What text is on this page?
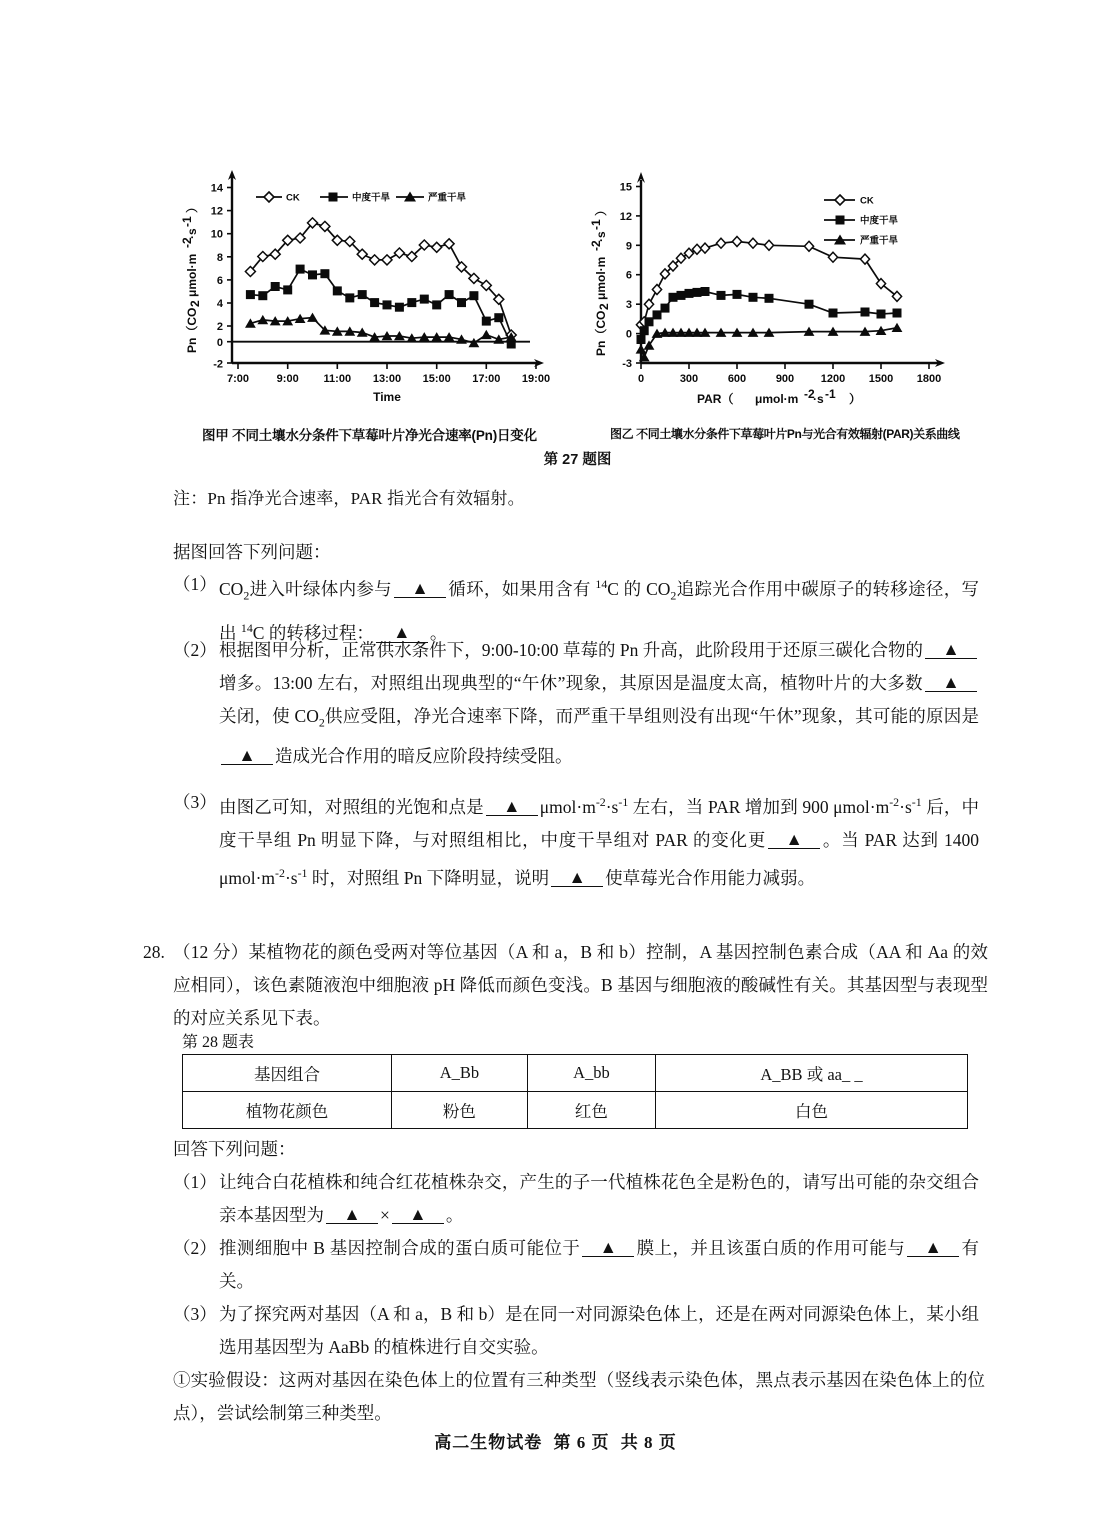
14
12
10
8
6
4
2
0
-2
7:00	9:00 11:00 13:00 15:00 17:00 19:00
Time
Pn（CO
2
μmol·m
-2
·s
-1
）
CK	中度干旱	严重干旱
15
12
9
6
3
0
-3
0	300	600	900 1200 1500 1800
PAR（ μmol·m -2
·s -1 ）
Pn（CO
2
μmol·m
-2
·s
-1
）
CK
中度干旱
严重干旱
图甲 不同土壤水分条件下草莓叶片净光合速率(Pn)日变化	图乙 不同土壤水分条件下草莓叶片Pn与光合有效辐射(PAR)关系曲线
第 27 题图
注：Pn 指净光合速率，PAR 指光合有效辐射。
据图回答下列问题：
（1） $CO_2$进入叶绿体内参与 ▲ 循环，如果用含有 $^{14}$C 的 $CO_2$追踪光合作用中碳原子的转移途径，写出 $^{14}$C 的转移过程： ▲ 。
（2） 根据图甲分析，正常供水条件下，9:00-10:00 草莓的 Pn 升高，此阶段用于还原三碳化合物的 ▲增多。13:00 左右，对照组出现典型的“午休”现象，其原因是温度太高，植物叶片的大多数 ▲关闭，使 $CO_2$供应受阻，净光合速率下降，而严重干旱组则没有出现“午休”现象，其可能的原因是▲ 造成光合作用的暗反应阶段持续受阻。
（3） 由图乙可知，对照组的光饱和点是 ▲ $\mu mol\cdot m^{-2}\cdot s^{-1}$ 左右，当 PAR 增加到 900 $\mu mol\cdot m^{-2}\cdot s^{-1}$ 后，中度干旱组 Pn 明显下降，与对照组相比，中度干旱组对 PAR 的变化更 ▲ 。当 PAR 达到 1400 $\mu mol\cdot m^{-2}\cdot s^{-1}$ 时，对照组 Pn 下降明显，说明 ▲ 使草莓光合作用能力减弱。
28. （12 分）某植物花的颜色受两对等位基因（A 和 a，B 和 b）控制，A 基因控制色素合成（AA 和 Aa 的效应相同），该色素随液泡中细胞液 pH 降低而颜色变浅。B 基因与细胞液的酸碱性有关。其基因型与表现型的对应关系见下表。
第 28 题表
基因组合	A_Bb	A_bb	A_BB 或 aa_ _
植物花颜色	粉色	红色	白色
回答下列问题：
（1） 让纯合白花植株和纯合红花植株杂交，产生的子一代植株花色全是粉色的，请写出可能的杂交组合亲本基因型为 ▲ × ▲ 。
（2） 推测细胞中 B 基因控制合成的蛋白质可能位于 ▲ 膜上，并且该蛋白质的作用可能与 ▲ 有关。
（3） 为了探究两对基因（A 和 a，B 和 b）是在同一对同源染色体上，还是在两对同源染色体上，某小组选用基因型为 AaBb 的植株进行自交实验。
①实验假设：这两对基因在染色体上的位置有三种类型（竖线表示染色体，黑点表示基因在染色体上的位点），尝试绘制第三种类型。
高二生物试卷 第 6 页 共 8 页
